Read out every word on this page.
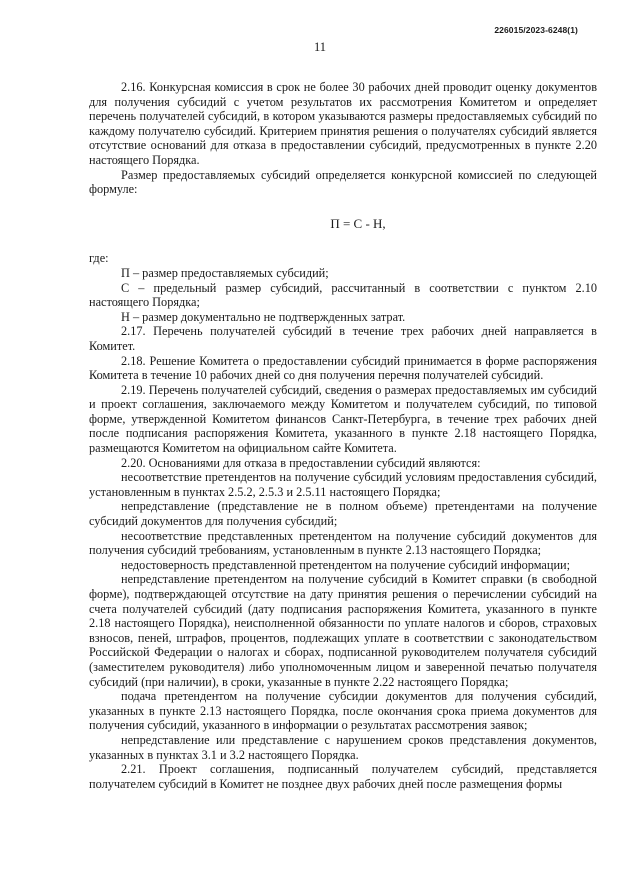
226015/2023-6248(1)
11

2.16. Конкурсная комиссия в срок не более 30 рабочих дней проводит оценку документов для получения субсидий с учетом результатов их рассмотрения Комитетом и определяет перечень получателей субсидий, в котором указываются размеры предоставляемых субсидий по каждому получателю субсидий. Критерием принятия решения о получателях субсидий является отсутствие оснований для отказа в предоставлении субсидий, предусмотренных в пункте 2.20 настоящего Порядка.

Размер предоставляемых субсидий определяется конкурсной комиссией по следующей формуле:

П = С - Н,

где:

П – размер предоставляемых субсидий;

С – предельный размер субсидий, рассчитанный в соответствии с пунктом 2.10 настоящего Порядка;

Н – размер документально не подтвержденных затрат.

2.17. Перечень получателей субсидий в течение трех рабочих дней направляется в Комитет.

2.18. Решение Комитета о предоставлении субсидий принимается в форме распоряжения Комитета в течение 10 рабочих дней со дня получения перечня получателей субсидий.

2.19. Перечень получателей субсидий, сведения о размерах предоставляемых им субсидий и проект соглашения, заключаемого между Комитетом и получателем субсидий, по типовой форме, утвержденной Комитетом финансов Санкт-Петербурга, в течение трех рабочих дней после подписания распоряжения Комитета, указанного в пункте 2.18 настоящего Порядка, размещаются Комитетом на официальном сайте Комитета.

2.20. Основаниями для отказа в предоставлении субсидий являются:

несоответствие претендентов на получение субсидий условиям предоставления субсидий, установленным в пунктах 2.5.2, 2.5.3 и 2.5.11 настоящего Порядка;

непредставление (представление не в полном объеме) претендентами на получение субсидий документов для получения субсидий;

несоответствие представленных претендентом на получение субсидий документов для получения субсидий требованиям, установленным в пункте 2.13 настоящего Порядка;

недостоверность представленной претендентом на получение субсидий информации;

непредставление претендентом на получение субсидий в Комитет справки (в свободной форме), подтверждающей отсутствие на дату принятия решения о перечислении субсидий на счета получателей субсидий (дату подписания распоряжения Комитета, указанного в пункте 2.18 настоящего Порядка), неисполненной обязанности по уплате налогов и сборов, страховых взносов, пеней, штрафов, процентов, подлежащих уплате в соответствии с законодательством Российской Федерации о налогах и сборах, подписанной руководителем получателя субсидий (заместителем руководителя) либо уполномоченным лицом и заверенной печатью получателя субсидий (при наличии), в сроки, указанные в пункте 2.22 настоящего Порядка;

подача претендентом на получение субсидии документов для получения субсидий, указанных в пункте 2.13 настоящего Порядка, после окончания срока приема документов для получения субсидий, указанного в информации о результатах рассмотрения заявок;

непредставление или представление с нарушением сроков представления документов, указанных в пунктах 3.1 и 3.2 настоящего Порядка.

2.21. Проект соглашения, подписанный получателем субсидий, представляется получателем субсидий в Комитет не позднее двух рабочих дней после размещения формы
